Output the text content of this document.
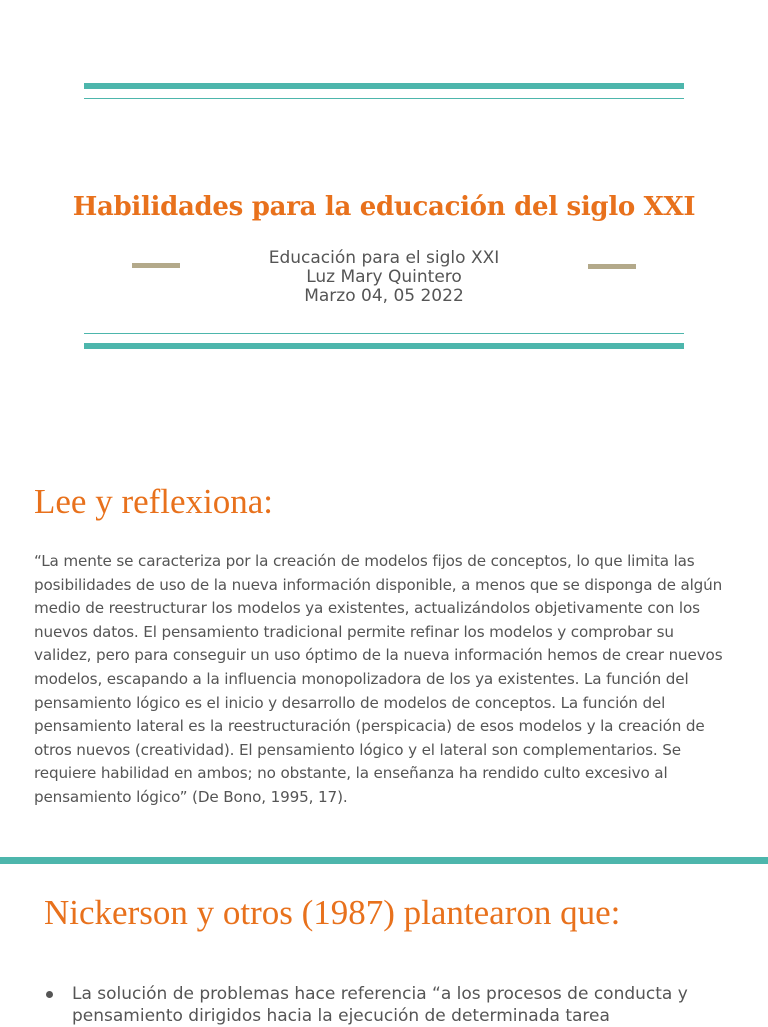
Habilidades para la educación del siglo XXI
Educación para el siglo XXI
Luz Mary Quintero
Marzo 04, 05 2022
Lee y reflexiona:
“La mente se caracteriza por la creación de modelos fijos de conceptos, lo que limita las posibilidades de uso de la nueva información disponible, a menos que se disponga de algún medio de reestructurar los modelos ya existentes, actualizándolos objetivamente con los nuevos datos. El pensamiento tradicional permite refinar los modelos y comprobar su validez, pero para conseguir un uso óptimo de la nueva información hemos de crear nuevos modelos, escapando a la influencia monopolizadora de los ya existentes. La función del pensamiento lógico es el inicio y desarrollo de modelos de conceptos. La función del pensamiento lateral es la reestructuración (perspicacia) de esos modelos y la creación de otros nuevos (creatividad). El pensamiento lógico y el lateral son complementarios. Se requiere habilidad en ambos; no obstante, la enseñanza ha rendido culto excesivo al pensamiento lógico” (De Bono, 1995, 17).
Nickerson y otros (1987) plantearon que:
La solución de problemas hace referencia “a los procesos de conducta y pensamiento dirigidos hacia la ejecución de determinada tarea
